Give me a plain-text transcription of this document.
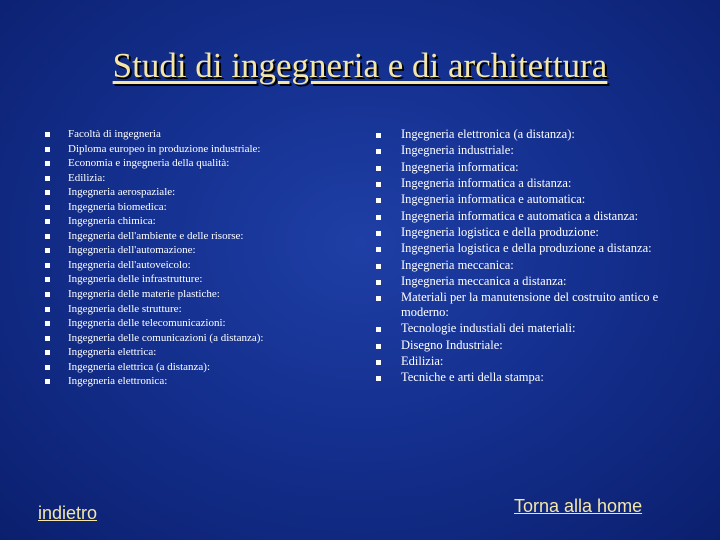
Studi di ingegneria e di architettura
Facoltà di ingegneria
Diploma europeo in produzione industriale:
Economia e ingegneria della qualità:
Edilizia:
Ingegneria aerospaziale:
Ingegneria biomedica:
Ingegneria chimica:
Ingegneria dell'ambiente e delle risorse:
Ingegneria dell'automazione:
Ingegneria dell'autoveicolo:
Ingegneria delle infrastrutture:
Ingegneria delle materie plastiche:
Ingegneria delle strutture:
Ingegneria delle telecomunicazioni:
Ingegneria delle comunicazioni (a distanza):
Ingegneria elettrica:
Ingegneria elettrica (a distanza):
Ingegneria elettronica:
Ingegneria elettronica (a distanza):
Ingegneria industriale:
Ingegneria informatica:
Ingegneria informatica a distanza:
Ingegneria informatica e automatica:
Ingegneria informatica e automatica a distanza:
Ingegneria logistica e della produzione:
Ingegneria logistica e della produzione a distanza:
Ingegneria meccanica:
Ingegneria meccanica a distanza:
Materiali per la manutensione del costruito antico e moderno:
Tecnologie industiali dei materiali:
Disegno Industriale:
Edilizia:
Tecniche e arti della stampa:
indietro	Torna alla home
